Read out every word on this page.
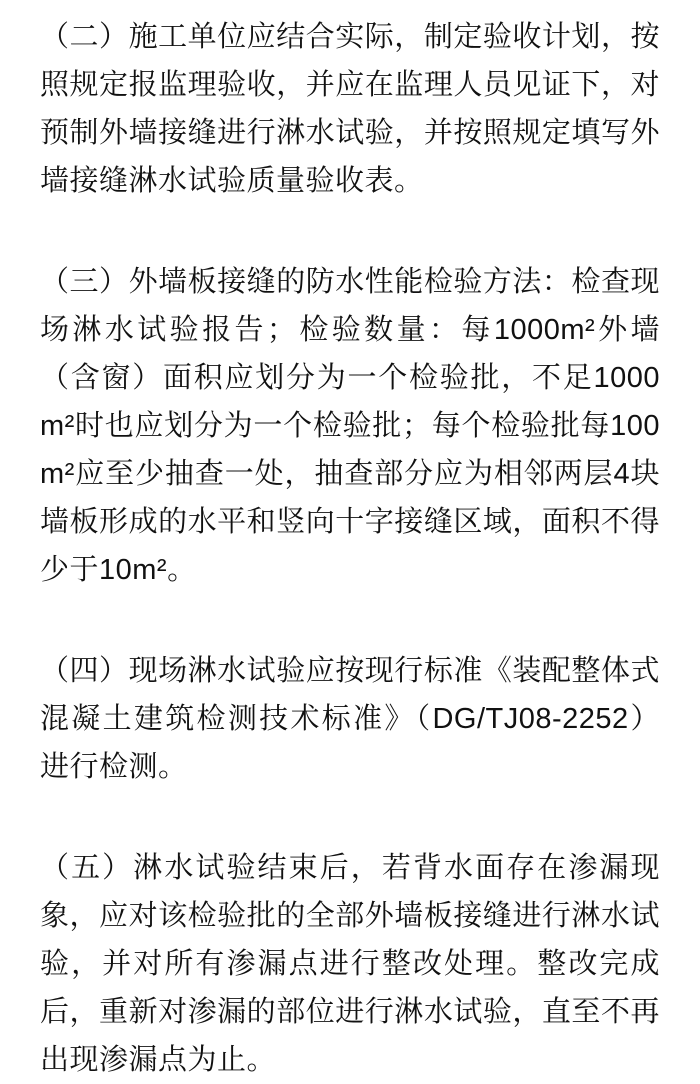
（二）施工单位应结合实际，制定验收计划，按照规定报监理验收，并应在监理人员见证下，对预制外墙接缝进行淋水试验，并按照规定填写外墙接缝淋水试验质量验收表。

（三）外墙板接缝的防水性能检验方法：检查现场淋水试验报告；检验数量：每1000m²外墙（含窗）面积应划分为一个检验批，不足1000m²时也应划分为一个检验批；每个检验批每100m²应至少抽查一处，抽查部分应为相邻两层4块墙板形成的水平和竖向十字接缝区域，面积不得少于10m²。

（四）现场淋水试验应按现行标准《装配整体式混凝土建筑检测技术标准》（DG/TJ08-2252）进行检测。

（五）淋水试验结束后，若背水面存在渗漏现象，应对该检验批的全部外墙板接缝进行淋水试验，并对所有渗漏点进行整改处理。整改完成后，重新对渗漏的部位进行淋水试验，直至不再出现渗漏点为止。
